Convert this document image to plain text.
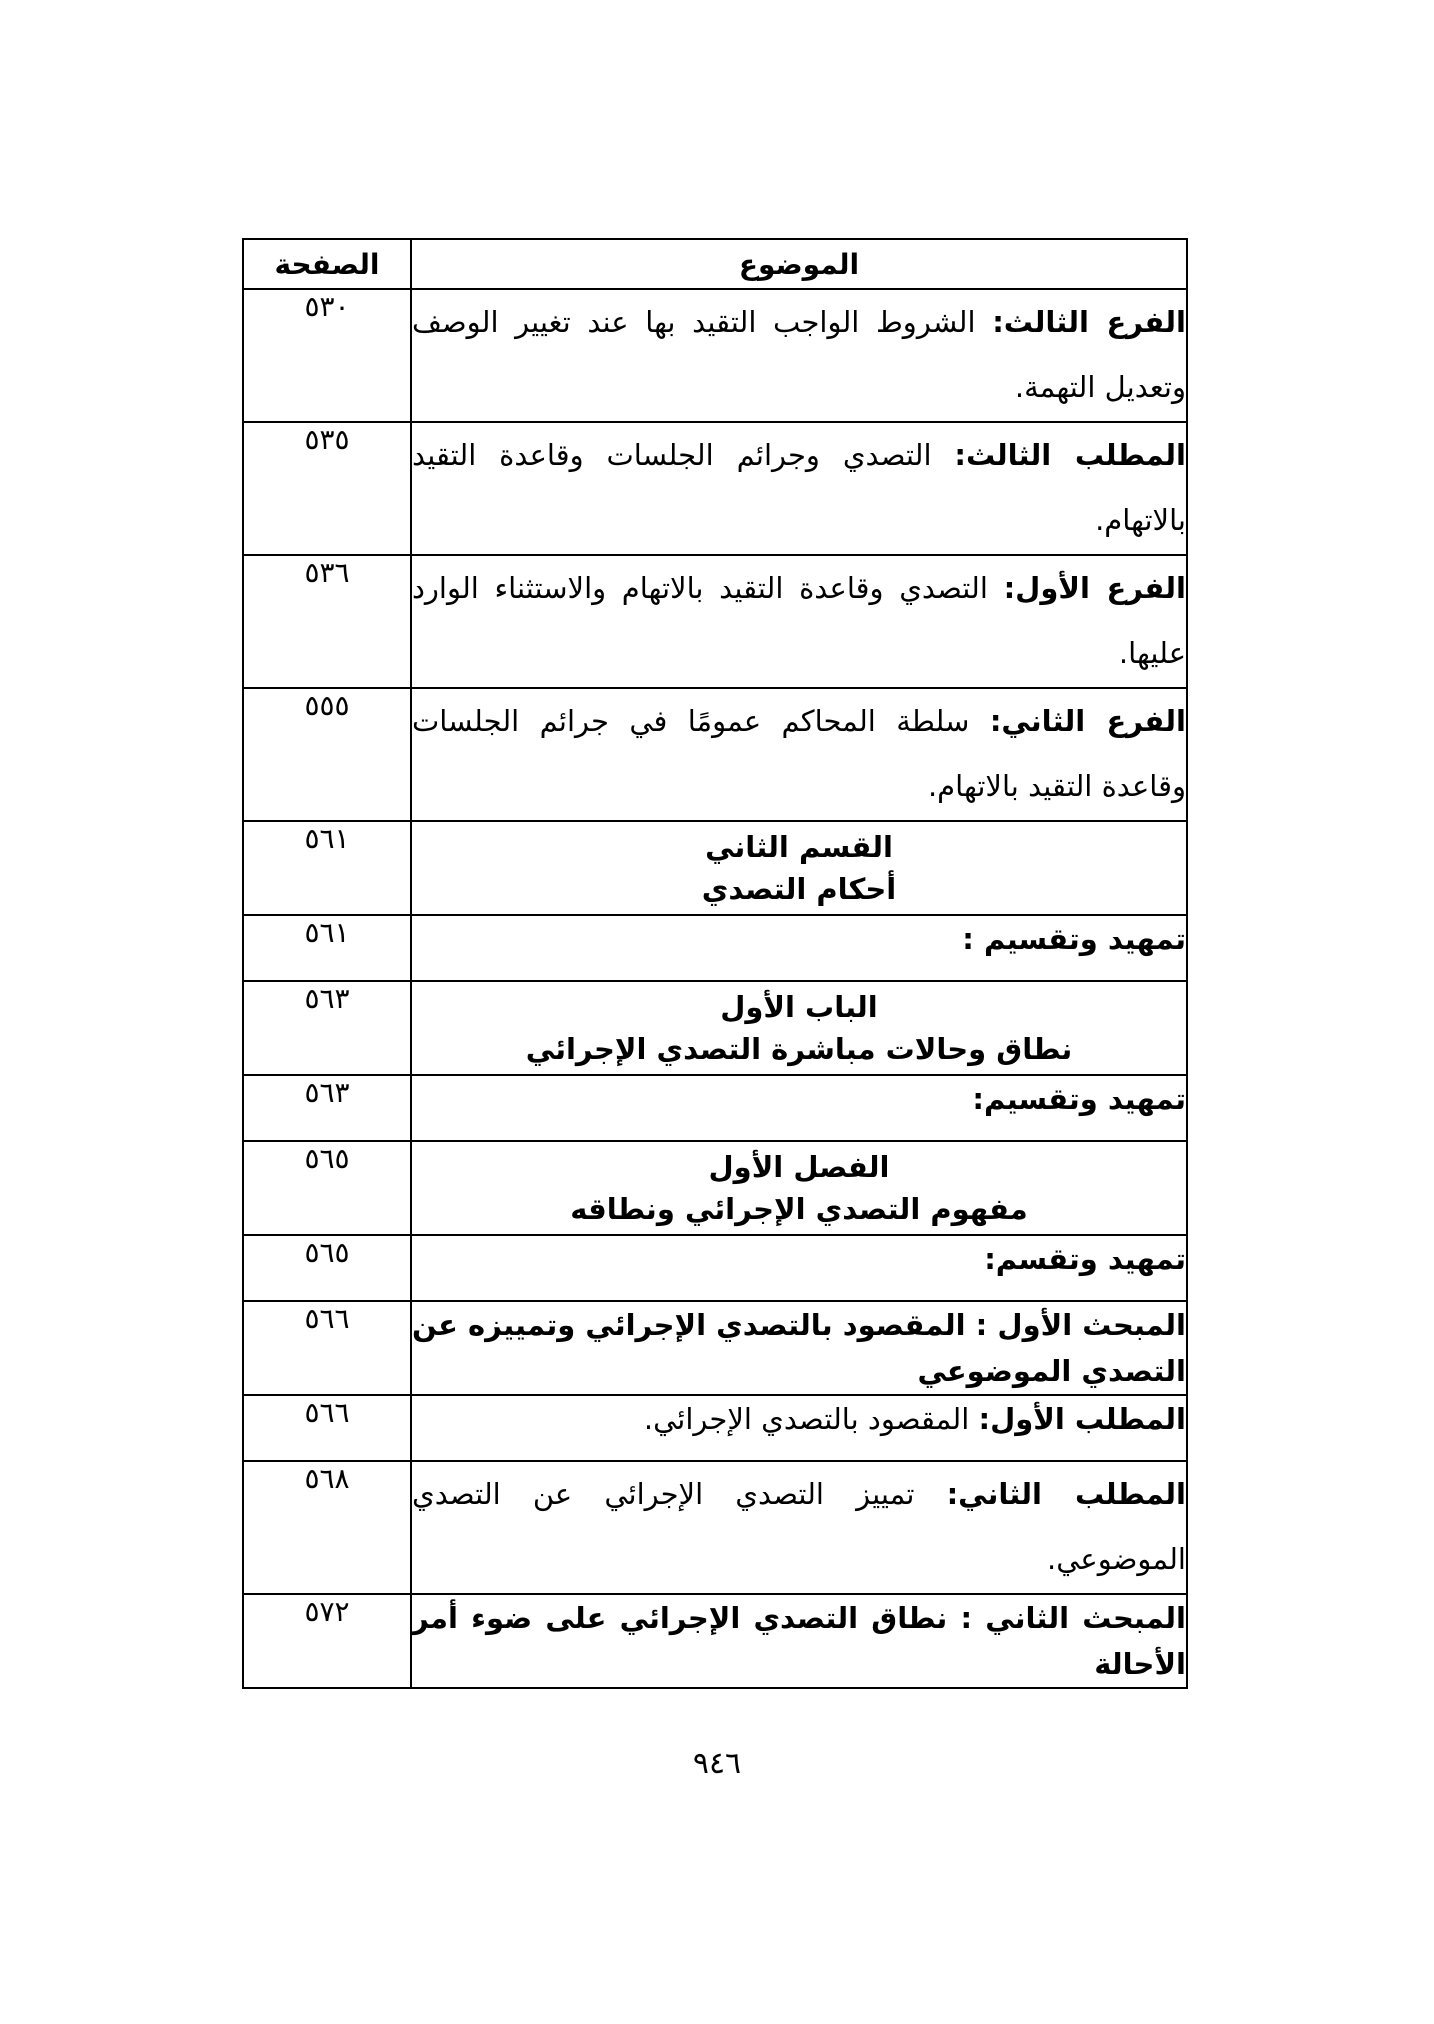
الموضوع	الصفحة
الفرع الثالث: الشروط الواجب التقيد بها عند تغيير الوصف وتعديل التهمة.	٥٣٠
المطلب الثالث: التصدي وجرائم الجلسات وقاعدة التقيد بالاتهام.	٥٣٥
الفرع الأول: التصدي وقاعدة التقيد بالاتهام والاستثناء الوارد عليها.	٥٣٦
الفرع الثاني: سلطة المحاكم عمومًا في جرائم الجلسات وقاعدة التقيد بالاتهام.	٥٥٥

القسم الثاني
أحكام التصدي	٥٦١
تمهيد وتقسيم :	٥٦١

الباب الأول
نطاق وحالات مباشرة التصدي الإجرائي	٥٦٣
تمهيد وتقسيم:	٥٦٣

الفصل الأول
مفهوم التصدي الإجرائي ونطاقه	٥٦٥
تمهيد وتقسم:	٥٦٥
المبحث الأول : المقصود بالتصدي الإجرائي وتمييزه عن التصدي الموضوعي	٥٦٦
المطلب الأول: المقصود بالتصدي الإجرائي.	٥٦٦
المطلب الثاني: تمييز التصدي الإجرائي عن التصدي الموضوعي.	٥٦٨
المبحث الثاني : نطاق التصدي الإجرائي على ضوء أمر الأحالة	٥٧٢
٩٤٦
